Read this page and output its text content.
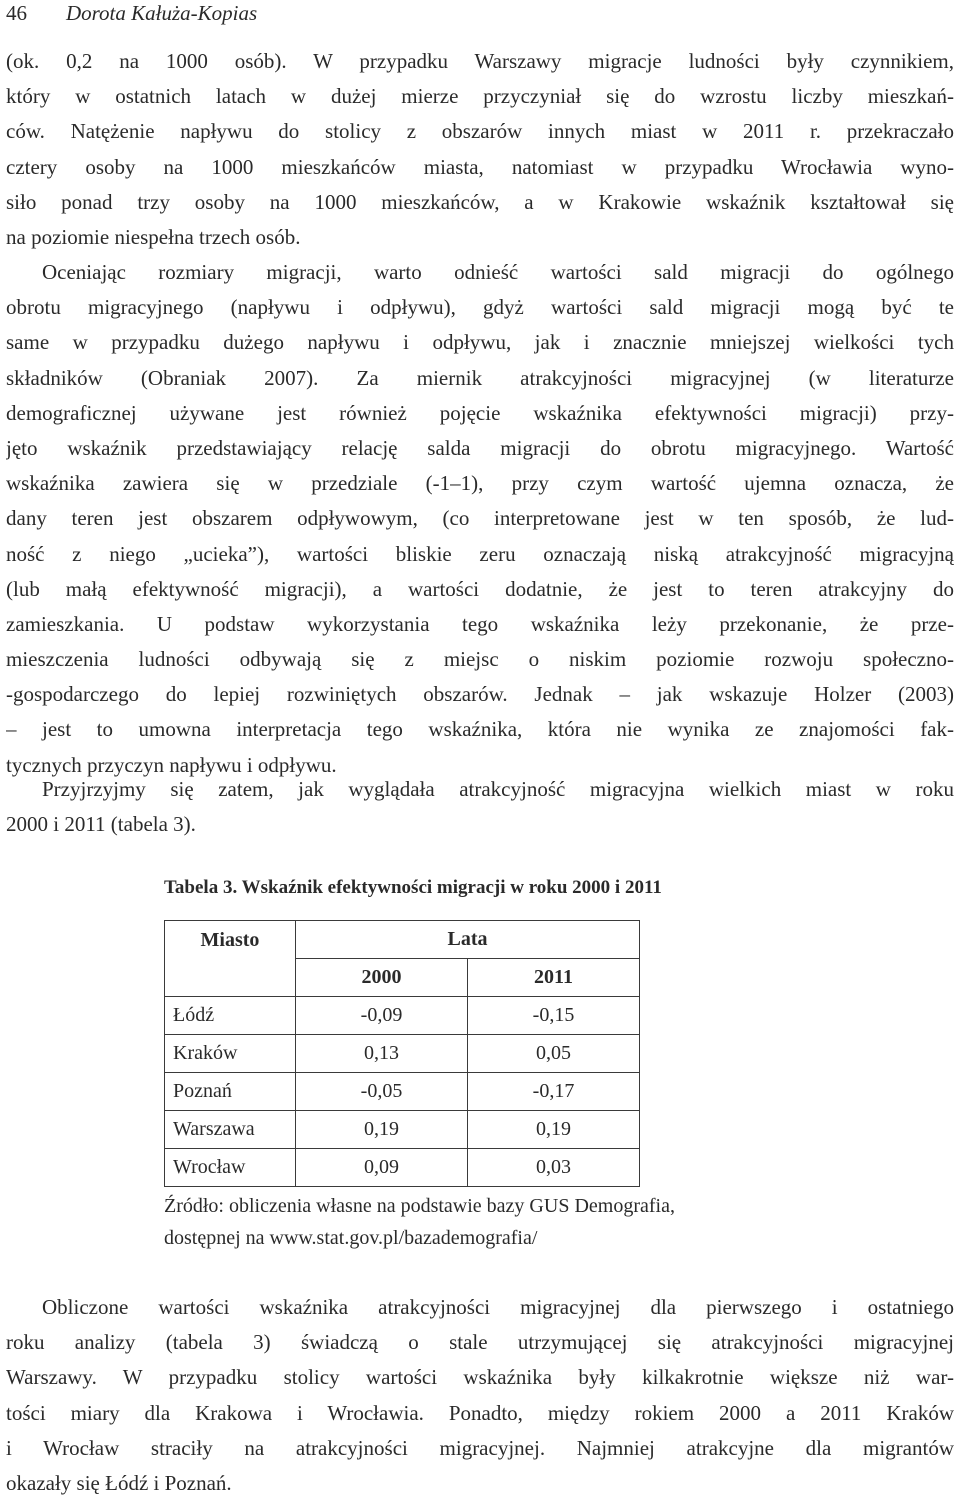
46 Dorota Kałuża-Kopias
(ok. 0,2 na 1000 osób). W przypadku Warszawy migracje ludności były czynnikiem,
który w ostatnich latach w dużej mierze przyczyniał się do wzrostu liczby mieszkań-
ców. Natężenie napływu do stolicy z obszarów innych miast w 2011 r. przekraczało
cztery osoby na 1000 mieszkańców miasta, natomiast w przypadku Wrocławia wyno-
siło ponad trzy osoby na 1000 mieszkańców, a w Krakowie wskaźnik kształtował się
na poziomie niespełna trzech osób.
Oceniając rozmiary migracji, warto odnieść wartości sald migracji do ogólnego
obrotu migracyjnego (napływu i odpływu), gdyż wartości sald migracji mogą być te
same w przypadku dużego napływu i odpływu, jak i znacznie mniejszej wielkości tych
składników (Obraniak 2007). Za miernik atrakcyjności migracyjnej (w literaturze
demograficznej używane jest również pojęcie wskaźnika efektywności migracji) przy-
jęto wskaźnik przedstawiający relację salda migracji do obrotu migracyjnego. Wartość
wskaźnika zawiera się w przedziale (-1–1), przy czym wartość ujemna oznacza, że
dany teren jest obszarem odpływowym, (co interpretowane jest w ten sposób, że lud-
ność z niego „ucieka”), wartości bliskie zeru oznaczają niską atrakcyjność migracyjną
(lub małą efektywność migracji), a wartości dodatnie, że jest to teren atrakcyjny do
zamieszkania. U podstaw wykorzystania tego wskaźnika leży przekonanie, że prze-
mieszczenia ludności odbywają się z miejsc o niskim poziomie rozwoju społeczno-
-gospodarczego do lepiej rozwiniętych obszarów. Jednak – jak wskazuje Holzer (2003)
– jest to umowna interpretacja tego wskaźnika, która nie wynika ze znajomości fak-
tycznych przyczyn napływu i odpływu.
Przyjrzyjmy się zatem, jak wyglądała atrakcyjność migracyjna wielkich miast w roku
2000 i 2011 (tabela 3).
Tabela 3. Wskaźnik efektywności migracji w roku 2000 i 2011
Miasto	Lata	
	2000	2011
Łódź	-0,09	-0,15
Kraków	0,13	0,05
Poznań	-0,05	-0,17
Warszawa	0,19	0,19
Wrocław	0,09	0,03
Źródło: obliczenia własne na podstawie bazy GUS Demografia,
dostępnej na www.stat.gov.pl/bazademografia/
Obliczone wartości wskaźnika atrakcyjności migracyjnej dla pierwszego i ostatniego
roku analizy (tabela 3) świadczą o stale utrzymującej się atrakcyjności migracyjnej
Warszawy. W przypadku stolicy wartości wskaźnika były kilkakrotnie większe niż war-
tości miary dla Krakowa i Wrocławia. Ponadto, między rokiem 2000 a 2011 Kraków
i Wrocław straciły na atrakcyjności migracyjnej. Najmniej atrakcyjne dla migrantów
okazały się Łódź i Poznań.
